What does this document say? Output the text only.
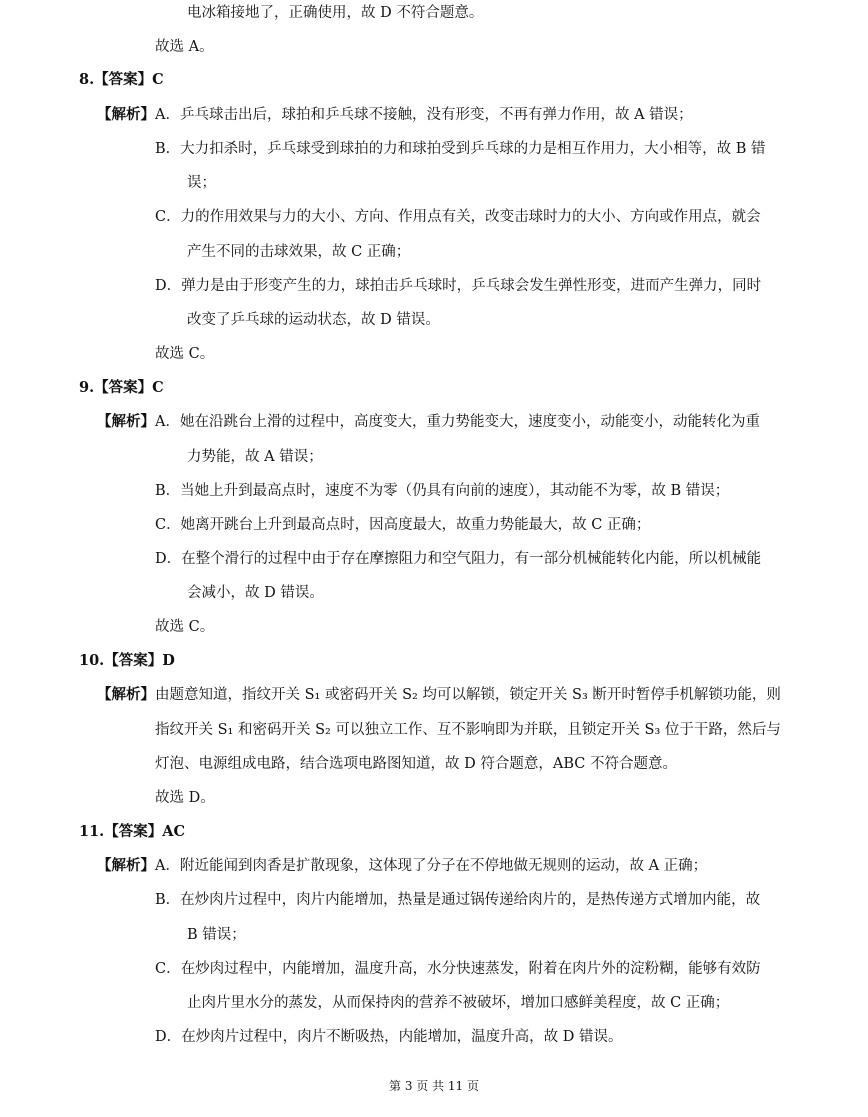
电冰箱接地了，正确使用，故 D 不符合题意。
故选 A。
8.【答案】C
【解析】A．乒乓球击出后，球拍和乒乓球不接触，没有形变，不再有弹力作用，故 A 错误；
B．大力扣杀时，乒乓球受到球拍的力和球拍受到乒乓球的力是相互作用力，大小相等，故 B 错
误；
C．力的作用效果与力的大小、方向、作用点有关，改变击球时力的大小、方向或作用点，就会
产生不同的击球效果，故 C 正确；
D．弹力是由于形变产生的力，球拍击乒乓球时，乒乓球会发生弹性形变，进而产生弹力，同时
改变了乒乓球的运动状态，故 D 错误。
故选 C。
9.【答案】C
【解析】A．她在沿跳台上滑的过程中，高度变大，重力势能变大，速度变小，动能变小，动能转化为重
力势能，故 A 错误；
B．当她上升到最高点时，速度不为零（仍具有向前的速度），其动能不为零，故 B 错误；
C．她离开跳台上升到最高点时，因高度最大，故重力势能最大，故 C 正确；
D．在整个滑行的过程中由于存在摩擦阻力和空气阻力，有一部分机械能转化内能，所以机械能
会减小，故 D 错误。
故选 C。
10.【答案】D
【解析】由题意知道，指纹开关 S₁ 或密码开关 S₂ 均可以解锁，锁定开关 S₃ 断开时暂停手机解锁功能，则
指纹开关 S₁ 和密码开关 S₂ 可以独立工作、互不影响即为并联，且锁定开关 S₃ 位于干路，然后与
灯泡、电源组成电路，结合选项电路图知道，故 D 符合题意，ABC 不符合题意。
故选 D。
11.【答案】AC
【解析】A．附近能闻到肉香是扩散现象，这体现了分子在不停地做无规则的运动，故 A 正确；
B．在炒肉片过程中，肉片内能增加，热量是通过锅传递给肉片的，是热传递方式增加内能，故
B 错误；
C．在炒肉过程中，内能增加，温度升高，水分快速蒸发，附着在肉片外的淀粉糊，能够有效防
止肉片里水分的蒸发，从而保持肉的营养不被破坏，增加口感鲜美程度，故 C 正确；
D．在炒肉片过程中，肉片不断吸热，内能增加，温度升高，故 D 错误。
第 3 页 共 11 页
